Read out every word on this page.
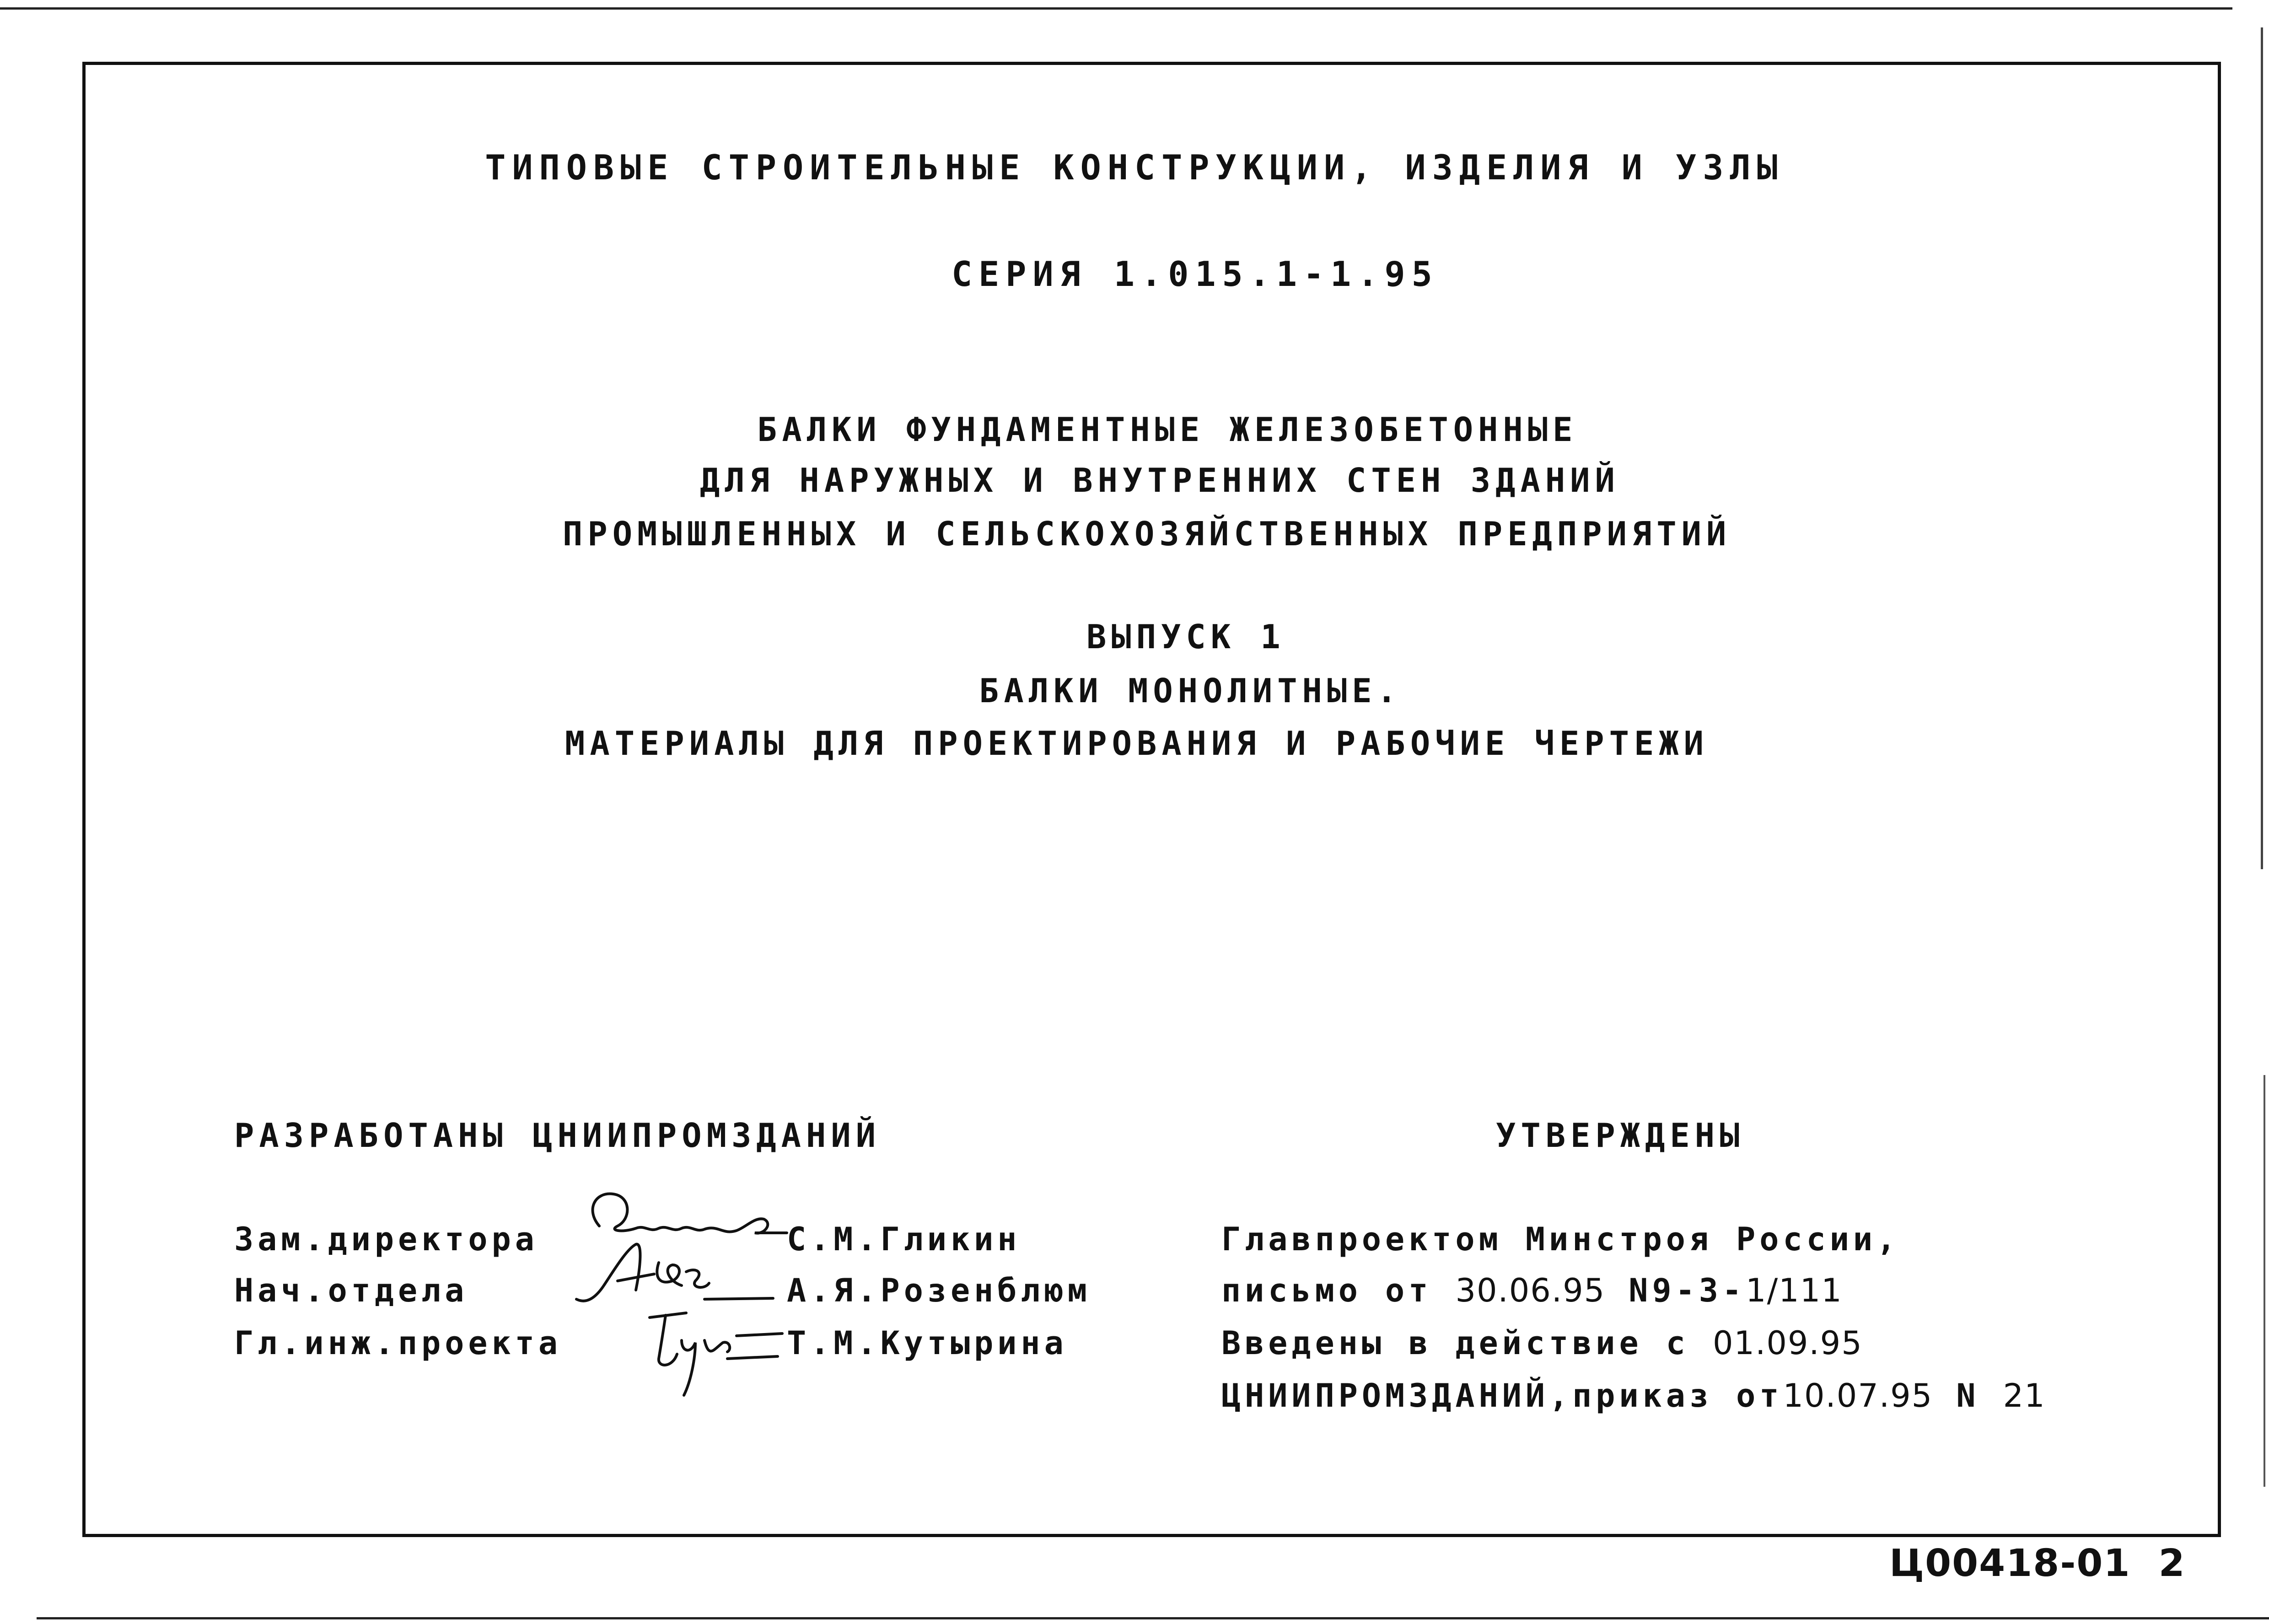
ТИПОВЫЕ СТРОИТЕЛЬНЫЕ КОНСТРУКЦИИ, ИЗДЕЛИЯ И УЗЛЫ
СЕРИЯ 1.015.1-1.95
БАЛКИ ФУНДАМЕНТНЫЕ ЖЕЛЕЗОБЕТОННЫЕ
ДЛЯ НАРУЖНЫХ И ВНУТРЕННИХ СТЕН ЗДАНИЙ
ПРОМЫШЛЕННЫХ И СЕЛЬСКОХОЗЯЙСТВЕННЫХ ПРЕДПРИЯТИЙ
ВЫПУСК 1
БАЛКИ МОНОЛИТНЫЕ.
МАТЕРИАЛЫ ДЛЯ ПРОЕКТИРОВАНИЯ И РАБОЧИЕ ЧЕРТЕЖИ
РАЗРАБОТАНЫ ЦНИИПРОМЗДАНИЙ
Зам.директора	С.М.Гликин
Нач.отдела	А.Я.Розенблюм
Гл.инж.проекта	Т.М.Кутырина
УТВЕРЖДЕНЫ
Главпроектом Минстроя России,
письмо от 30.06.95 N9-3-1/111
Введены в действие с 01.09.95
ЦНИИПРОМЗДАНИЙ,приказ от10.07.95 N 21
Ц00418-01 2
